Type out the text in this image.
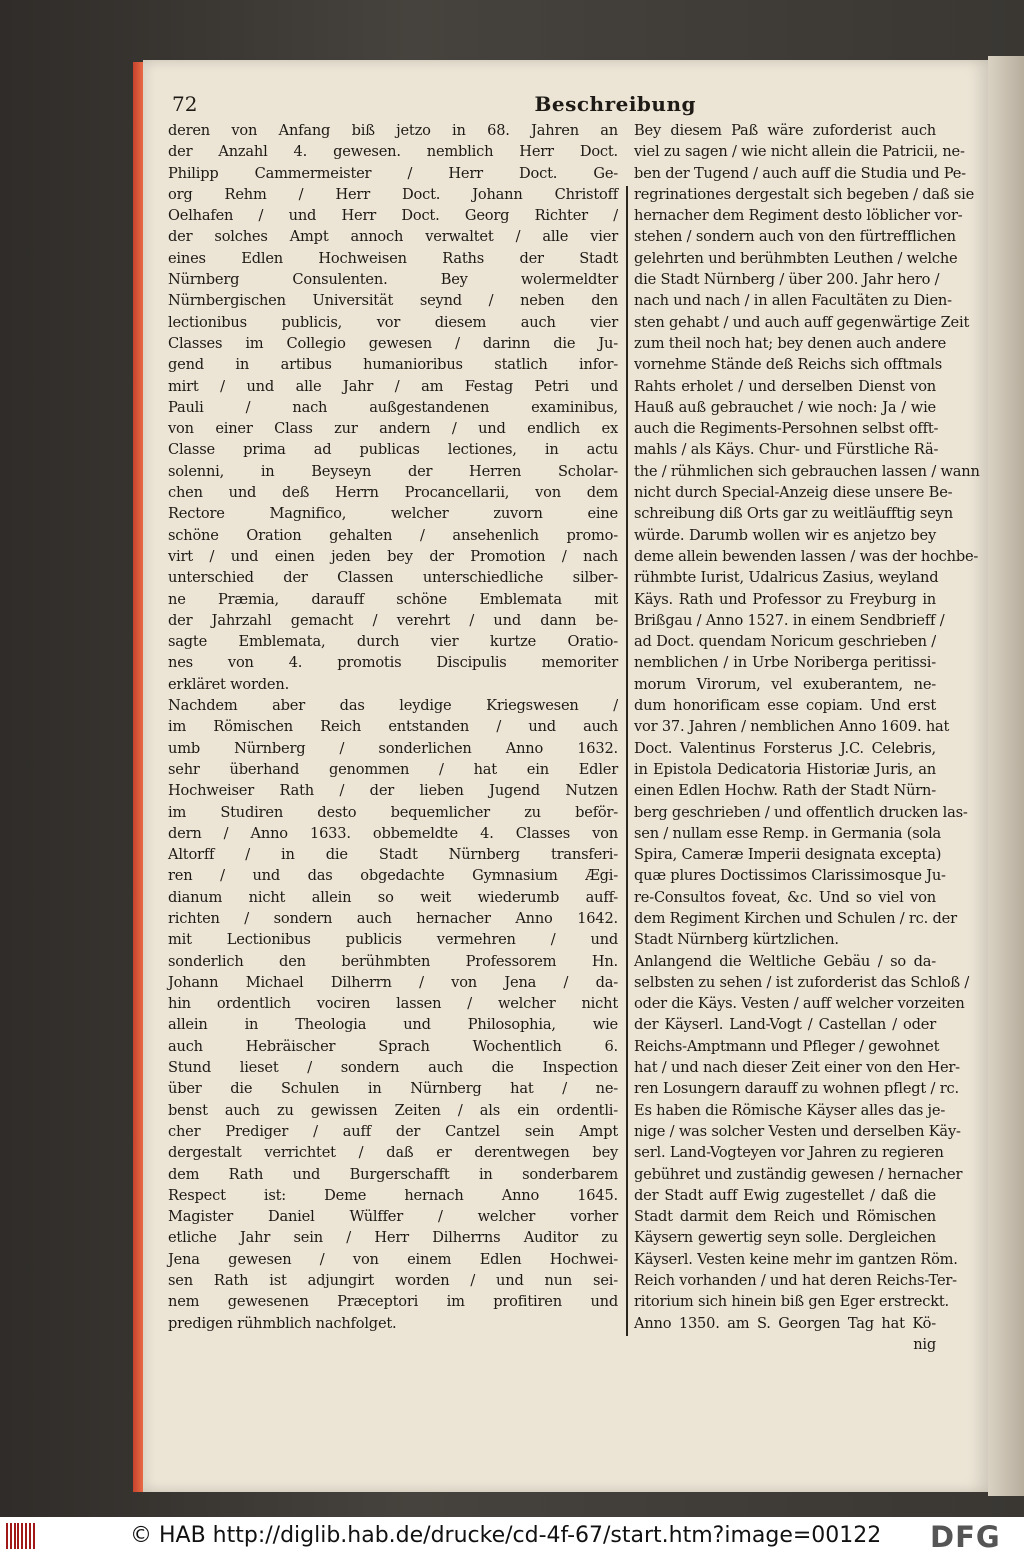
72	Beschreibung
deren von Anfang biß jetzo in 68. Jahren an
der Anzahl 4. gewesen. nemblich Herr Doct.
Philipp Cammermeister / Herr Doct. Ge-
org Rehm / Herr Doct. Johann Christoff
Oelhafen / und Herr Doct. Georg Richter /
der solches Ampt annoch verwaltet / alle vier
eines Edlen Hochweisen Raths der Stadt
Nürnberg Consulenten. Bey wolermeldter
Nürnbergischen Universität seynd / neben den
lectionibus publicis, vor diesem auch vier
Classes im Collegio gewesen / darinn die Ju-
gend in artibus humanioribus statlich infor-
mirt / und alle Jahr / am Festag Petri und
Pauli / nach außgestandenen examinibus,
von einer Class zur andern / und endlich ex
Classe prima ad publicas lectiones, in actu
solenni, in Beyseyn der Herren Scholar-
chen und deß Herrn Procancellarii, von dem
Rectore Magnifico, welcher zuvorn eine
schöne Oration gehalten / ansehenlich promo-
virt / und einen jeden bey der Promotion / nach
unterschied der Classen unterschiedliche silber-
ne Præmia, darauff schöne Emblemata mit
der Jahrzahl gemacht / verehrt / und dann be-
sagte Emblemata, durch vier kurtze Oratio-
nes von 4. promotis Discipulis memoriter
erkläret worden.
Nachdem aber das leydige Kriegswesen /
im Römischen Reich entstanden / und auch
umb Nürnberg / sonderlichen Anno 1632.
sehr überhand genommen / hat ein Edler
Hochweiser Rath / der lieben Jugend Nutzen
im Studiren desto bequemlicher zu beför-
dern / Anno 1633. obbemeldte 4. Classes von
Altorff / in die Stadt Nürnberg transferi-
ren / und das obgedachte Gymnasium Ægi-
dianum nicht allein so weit wiederumb auff-
richten / sondern auch hernacher Anno 1642.
mit Lectionibus publicis vermehren / und
sonderlich den berühmbten Professorem Hn.
Johann Michael Dilherrn / von Jena / da-
hin ordentlich vociren lassen / welcher nicht
allein in Theologia und Philosophia, wie
auch Hebräischer Sprach Wochentlich 6.
Stund lieset / sondern auch die Inspection
über die Schulen in Nürnberg hat / ne-
benst auch zu gewissen Zeiten / als ein ordentli-
cher Prediger / auff der Cantzel sein Ampt
dergestalt verrichtet / daß er derentwegen bey
dem Rath und Burgerschafft in sonderbarem
Respect ist: Deme hernach Anno 1645.
Magister Daniel Wülffer / welcher vorher
etliche Jahr sein / Herr Dilherrns Auditor zu
Jena gewesen / von einem Edlen Hochwei-
sen Rath ist adjungirt worden / und nun sei-
nem gewesenen Præceptori im profitiren und
predigen rühmblich nachfolget.
Bey diesem Paß wäre zuforderist auch
viel zu sagen / wie nicht allein die Patricii, ne-
ben der Tugend / auch auff die Studia und Pe-
regrinationes dergestalt sich begeben / daß sie
hernacher dem Regiment desto löblicher vor-
stehen / sondern auch von den fürtrefflichen
gelehrten und berühmbten Leuthen / welche
die Stadt Nürnberg / über 200. Jahr hero /
nach und nach / in allen Facultäten zu Dien-
sten gehabt / und auch auff gegenwärtige Zeit
zum theil noch hat; bey denen auch andere
vornehme Stände deß Reichs sich offtmals
Rahts erholet / und derselben Dienst von
Hauß auß gebrauchet / wie noch: Ja / wie
auch die Regiments-Persohnen selbst offt-
mahls / als Käys. Chur- und Fürstliche Rä-
the / rühmlichen sich gebrauchen lassen / wann
nicht durch Special-Anzeig diese unsere Be-
schreibung diß Orts gar zu weitläufftig seyn
würde. Darumb wollen wir es anjetzo bey
deme allein bewenden lassen / was der hochbe-
rühmbte Iurist, Udalricus Zasius, weyland
Käys. Rath und Professor zu Freyburg in
Brißgau / Anno 1527. in einem Sendbrieff /
ad Doct. quendam Noricum geschrieben /
nemblichen / in Urbe Noriberga peritissi-
morum Virorum, vel exuberantem, ne-
dum honorificam esse copiam. Und erst
vor 37. Jahren / nemblichen Anno 1609. hat
Doct. Valentinus Forsterus J.C. Celebris,
in Epistola Dedicatoria Historiæ Juris, an
einen Edlen Hochw. Rath der Stadt Nürn-
berg geschrieben / und offentlich drucken las-
sen / nullam esse Remp. in Germania (sola
Spira, Cameræ Imperii designata excepta)
quæ plures Doctissimos Clarissimosque Ju-
re-Consultos foveat, &c. Und so viel von
dem Regiment Kirchen und Schulen / rc. der
Stadt Nürnberg kürtzlichen.
Anlangend die Weltliche Gebäu / so da-
selbsten zu sehen / ist zuforderist das Schloß /
oder die Käys. Vesten / auff welcher vorzeiten
der Käyserl. Land-Vogt / Castellan / oder
Reichs-Amptmann und Pfleger / gewohnet
hat / und nach dieser Zeit einer von den Her-
ren Losungern darauff zu wohnen pflegt / rc.
Es haben die Römische Käyser alles das je-
nige / was solcher Vesten und derselben Käy-
serl. Land-Vogteyen vor Jahren zu regieren
gebühret und zuständig gewesen / hernacher
der Stadt auff Ewig zugestellet / daß die
Stadt darmit dem Reich und Römischen
Käysern gewertig seyn solle. Dergleichen
Käyserl. Vesten keine mehr im gantzen Röm.
Reich vorhanden / und hat deren Reichs-Ter-
ritorium sich hinein biß gen Eger erstreckt.
Anno 1350. am S. Georgen Tag hat Kö-
nig
© HAB http://diglib.hab.de/drucke/cd-4f-67/start.htm?image=00122 DFG
